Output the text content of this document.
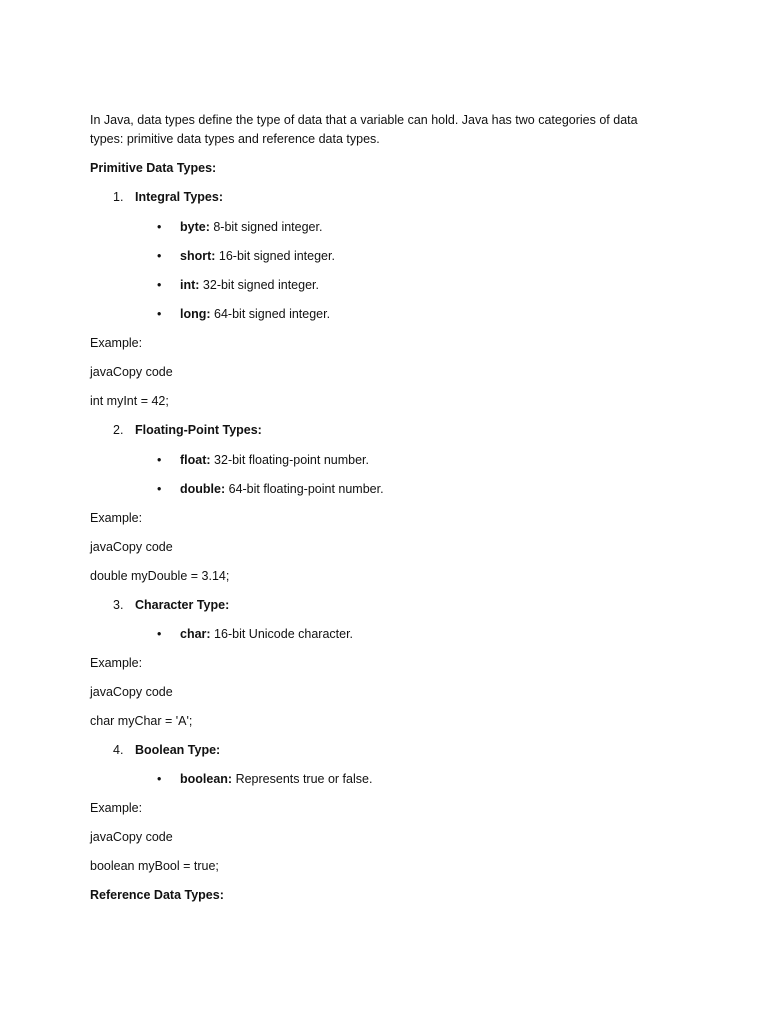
In Java, data types define the type of data that a variable can hold. Java has two categories of data

types: primitive data types and reference data types.

Primitive Data Types:

1. Integral Types:
• byte: 8-bit signed integer.
• short: 16-bit signed integer.
• int: 32-bit signed integer.
• long: 64-bit signed integer.

Example:

javaCopy code

int myInt = 42;

2. Floating-Point Types:
• float: 32-bit floating-point number.
• double: 64-bit floating-point number.

Example:

javaCopy code

double myDouble = 3.14;

3. Character Type:
• char: 16-bit Unicode character.

Example:

javaCopy code

char myChar = 'A';

4. Boolean Type:
• boolean: Represents true or false.

Example:

javaCopy code

boolean myBool = true;

Reference Data Types:
